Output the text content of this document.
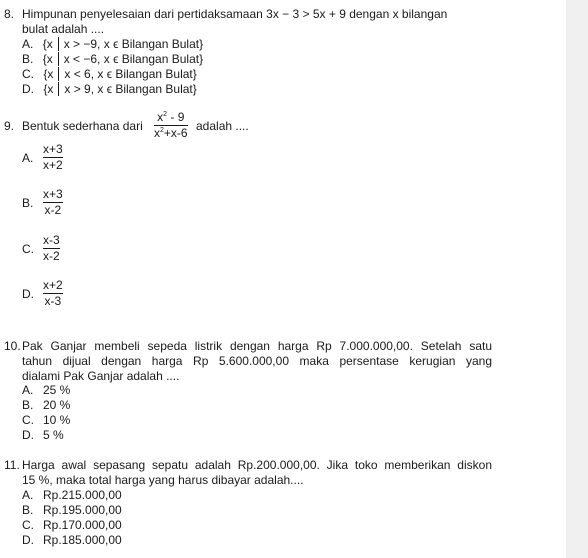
8. Himpunan penyelesaian dari pertidaksamaan 3x − 3 > 5x + 9 dengan x bilangan
bulat adalah ....
A. {x x > −9, x ϵ Bilangan Bulat}
B. {x x < −6, x ϵ Bilangan Bulat}
C. {x x < 6, x ϵ Bilangan Bulat}
D. {x x > 9, x ϵ Bilangan Bulat}
9. Bentuk sederhana dari
$x^2 - 9$
$x^2+x-6$ adalah ....
A.
x+3
x+2
B.
x+3
x-2
C.
x-3
x-2
D.
x+2
x-3
10. Pak Ganjar membeli sepeda listrik dengan harga Rp 7.000.000,00. Setelah satu
tahun dijual dengan harga Rp 5.600.000,00 maka persentase kerugian yang
dialami Pak Ganjar adalah ....
A. 25 %
B. 20 %
C. 10 %
D. 5 %
11. Harga awal sepasang sepatu adalah Rp.200.000,00. Jika toko memberikan diskon
15 %, maka total harga yang harus dibayar adalah....
A. Rp.215.000,00
B. Rp.195.000,00
C. Rp.170.000,00
D. Rp.185.000,00
